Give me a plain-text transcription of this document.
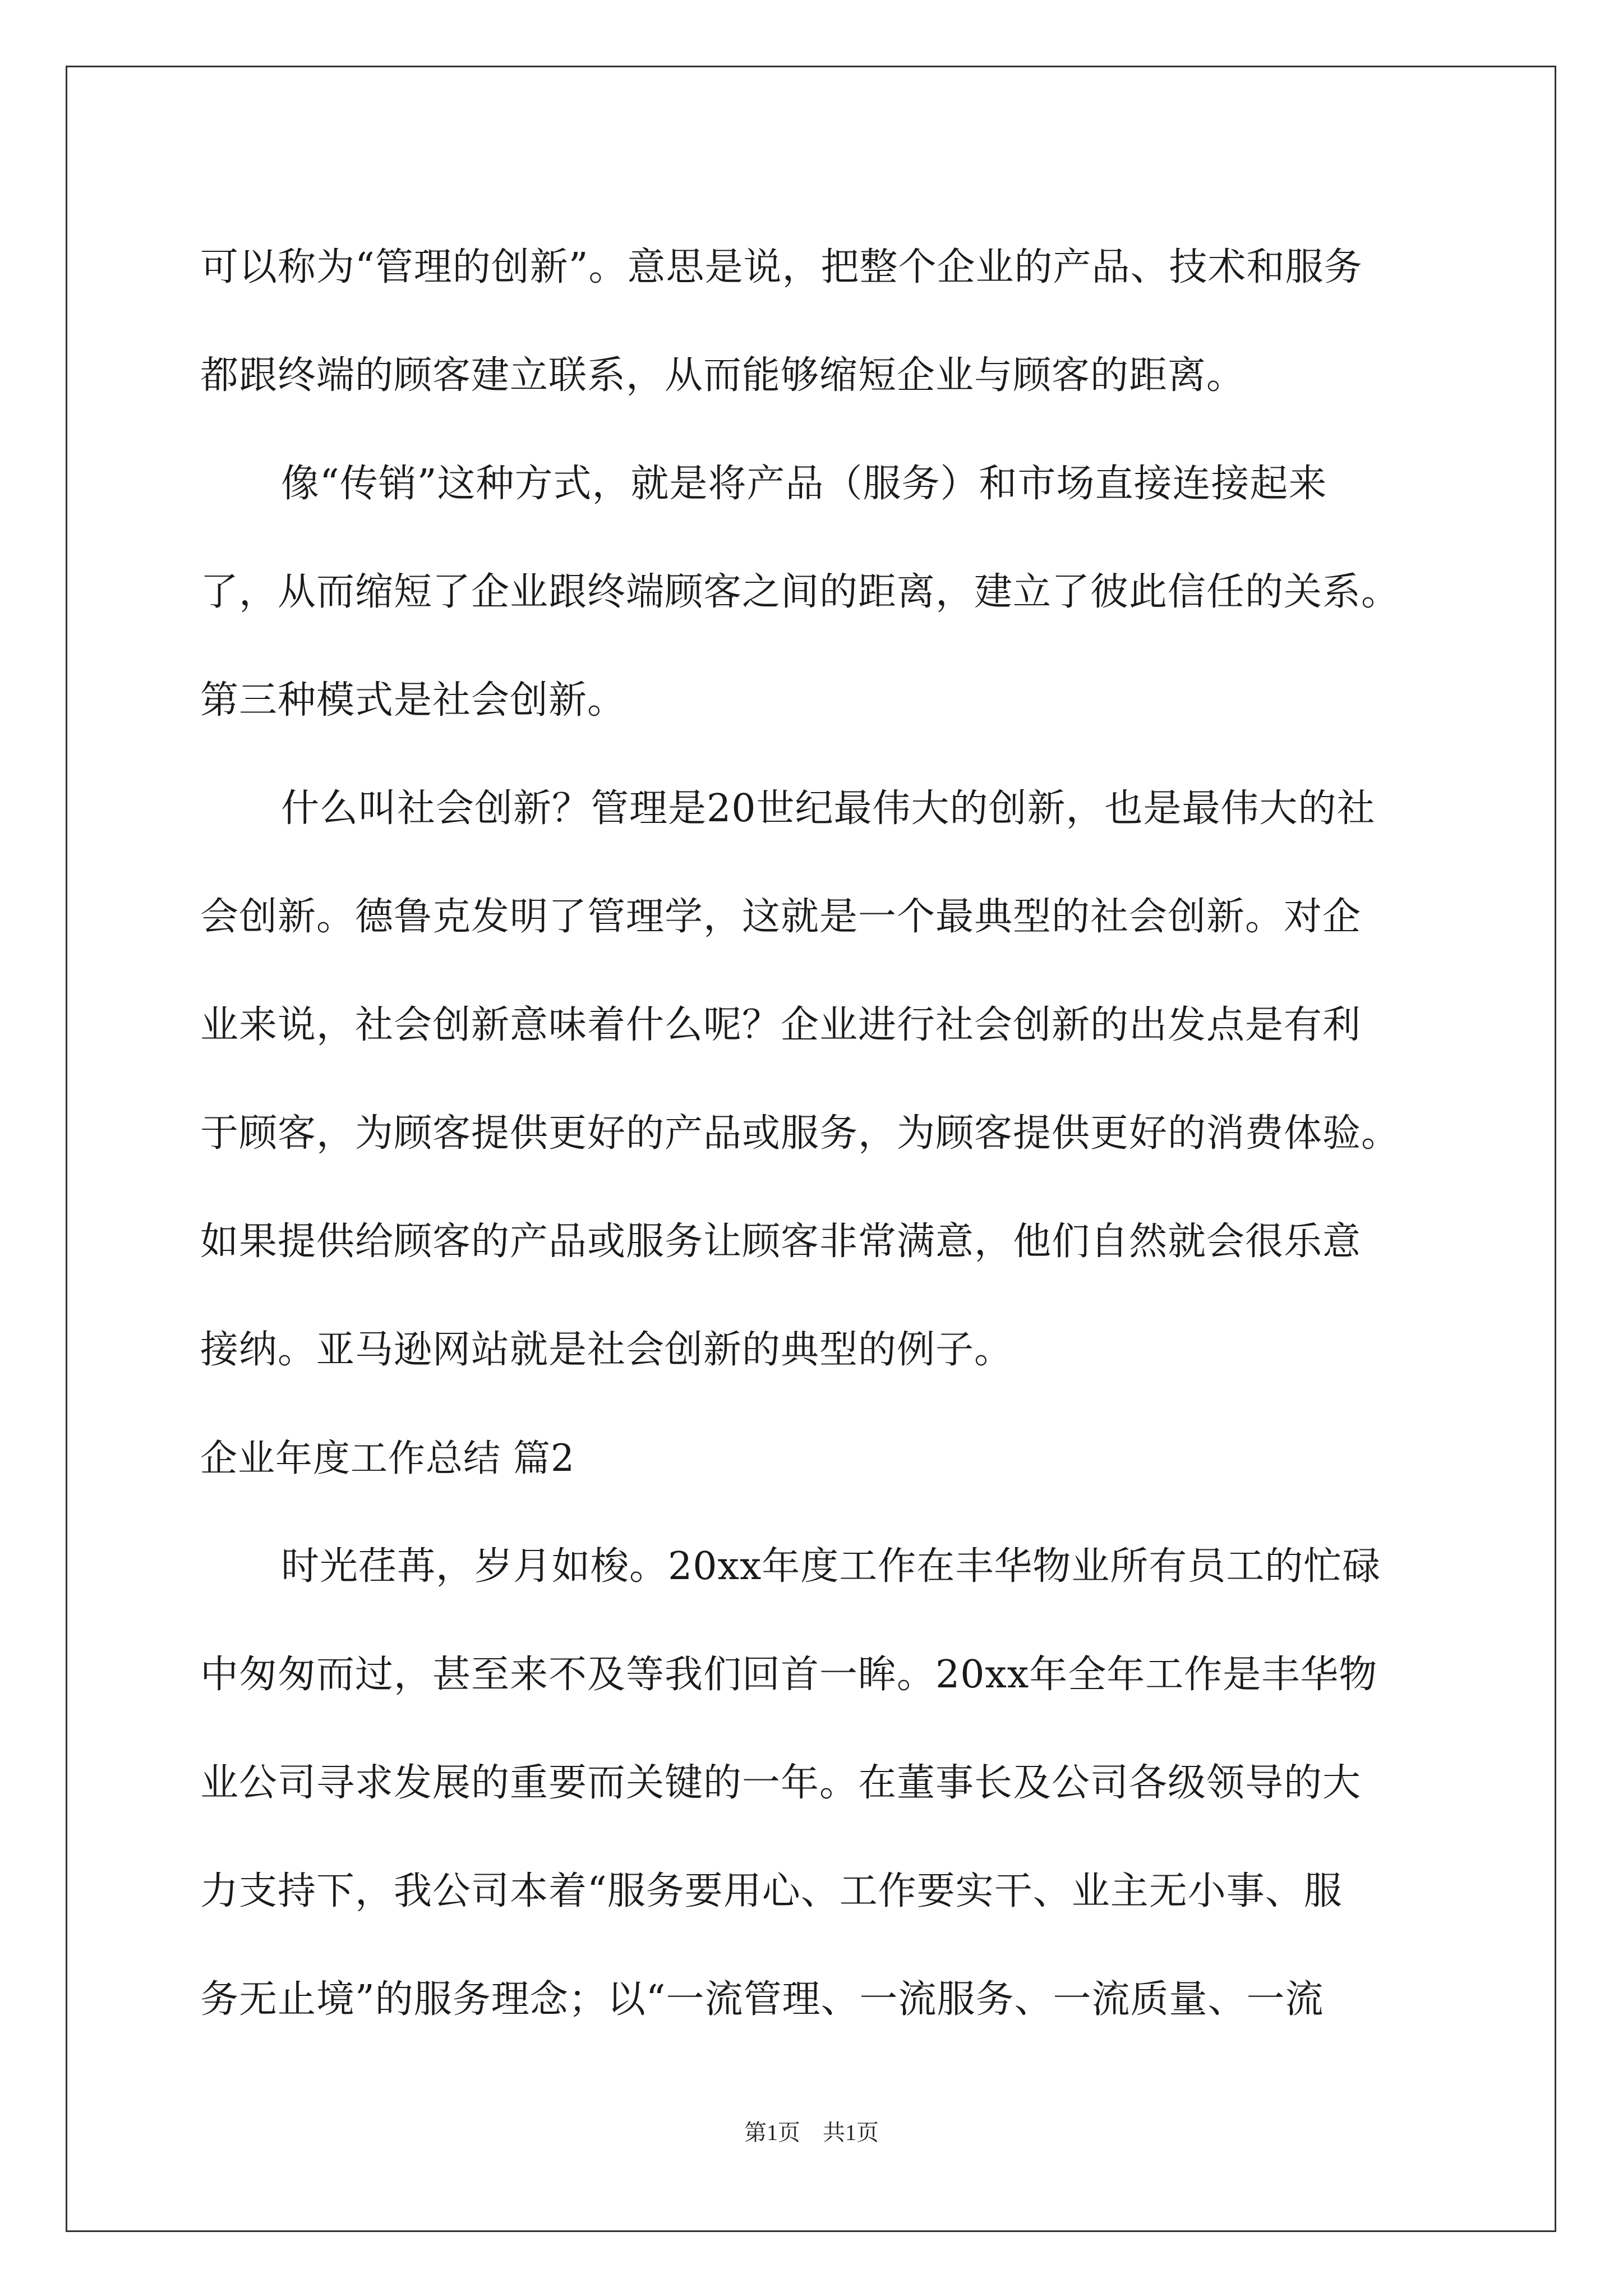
可以称为“管理的创新”。意思是说，把整个企业的产品、技术和服务
都跟终端的顾客建立联系，从而能够缩短企业与顾客的距离。
像“传销”这种方式，就是将产品（服务）和市场直接连接起来
了，从而缩短了企业跟终端顾客之间的距离，建立了彼此信任的关系。
第三种模式是社会创新。
什么叫社会创新？管理是20世纪最伟大的创新，也是最伟大的社
会创新。德鲁克发明了管理学，这就是一个最典型的社会创新。对企
业来说，社会创新意味着什么呢？企业进行社会创新的出发点是有利
于顾客，为顾客提供更好的产品或服务，为顾客提供更好的消费体验。
如果提供给顾客的产品或服务让顾客非常满意，他们自然就会很乐意
接纳。亚马逊网站就是社会创新的典型的例子。
企业年度工作总结 篇2
时光荏苒，岁月如梭。20xx年度工作在丰华物业所有员工的忙碌
中匆匆而过，甚至来不及等我们回首一眸。20xx年全年工作是丰华物
业公司寻求发展的重要而关键的一年。在董事长及公司各级领导的大
力支持下，我公司本着“服务要用心、工作要实干、业主无小事、服
务无止境”的服务理念；以“一流管理、一流服务、一流质量、一流
第1页　共1页
